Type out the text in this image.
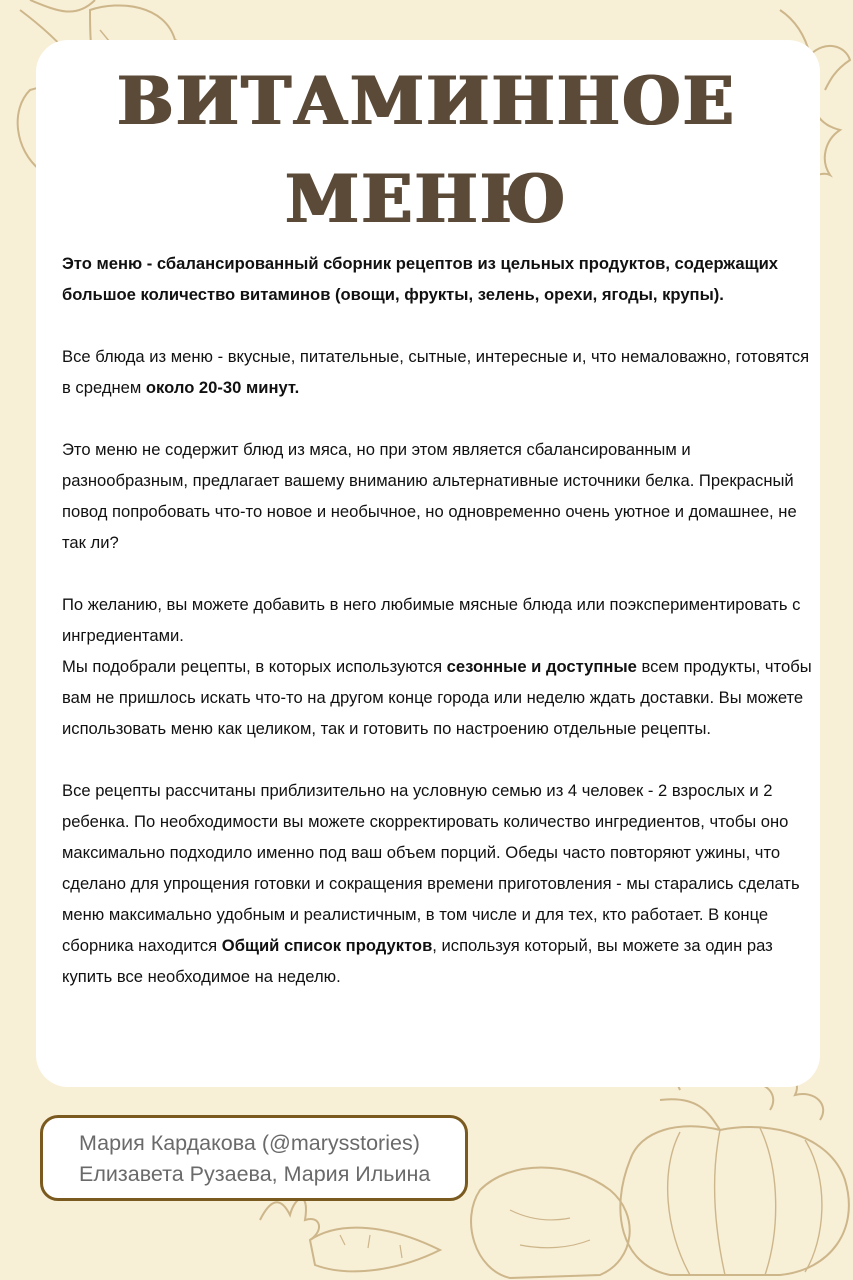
ВИТАМИННОЕ
МЕНЮ

Это меню - сбалансированный сборник рецептов из цельных продуктов, содержащих большое количество витаминов (овощи, фрукты, зелень, орехи, ягоды, крупы).

Все блюда из меню - вкусные, питательные, сытные, интересные и, что немаловажно, готовятся в среднем около 20-30 минут.

Это меню не содержит блюд из мяса, но при этом является сбалансированным и разнообразным, предлагает вашему вниманию альтернативные источники белка. Прекрасный повод попробовать что-то новое и необычное, но одновременно очень уютное и домашнее, не так ли?

По желанию, вы можете добавить в него любимые мясные блюда или поэкспериментировать с ингредиентами.

Мы подобрали рецепты, в которых используются сезонные и доступные всем продукты, чтобы вам не пришлось искать что-то на другом конце города или неделю ждать доставки. Вы можете использовать меню как целиком, так и готовить по настроению отдельные рецепты.

Все рецепты рассчитаны приблизительно на условную семью из 4 человек - 2 взрослых и 2 ребенка. По необходимости вы можете скорректировать количество ингредиентов, чтобы оно максимально подходило именно под ваш объем порций. Обеды часто повторяют ужины, что сделано для упрощения готовки и сокращения времени приготовления - мы старались сделать меню максимально удобным и реалистичным, в том числе и для тех, кто работает. В конце сборника находится Общий список продуктов, используя который, вы можете за один раз купить все необходимое на неделю.

Мария Кардакова (@marysstories)
Елизавета Рузаева, Мария Ильина
